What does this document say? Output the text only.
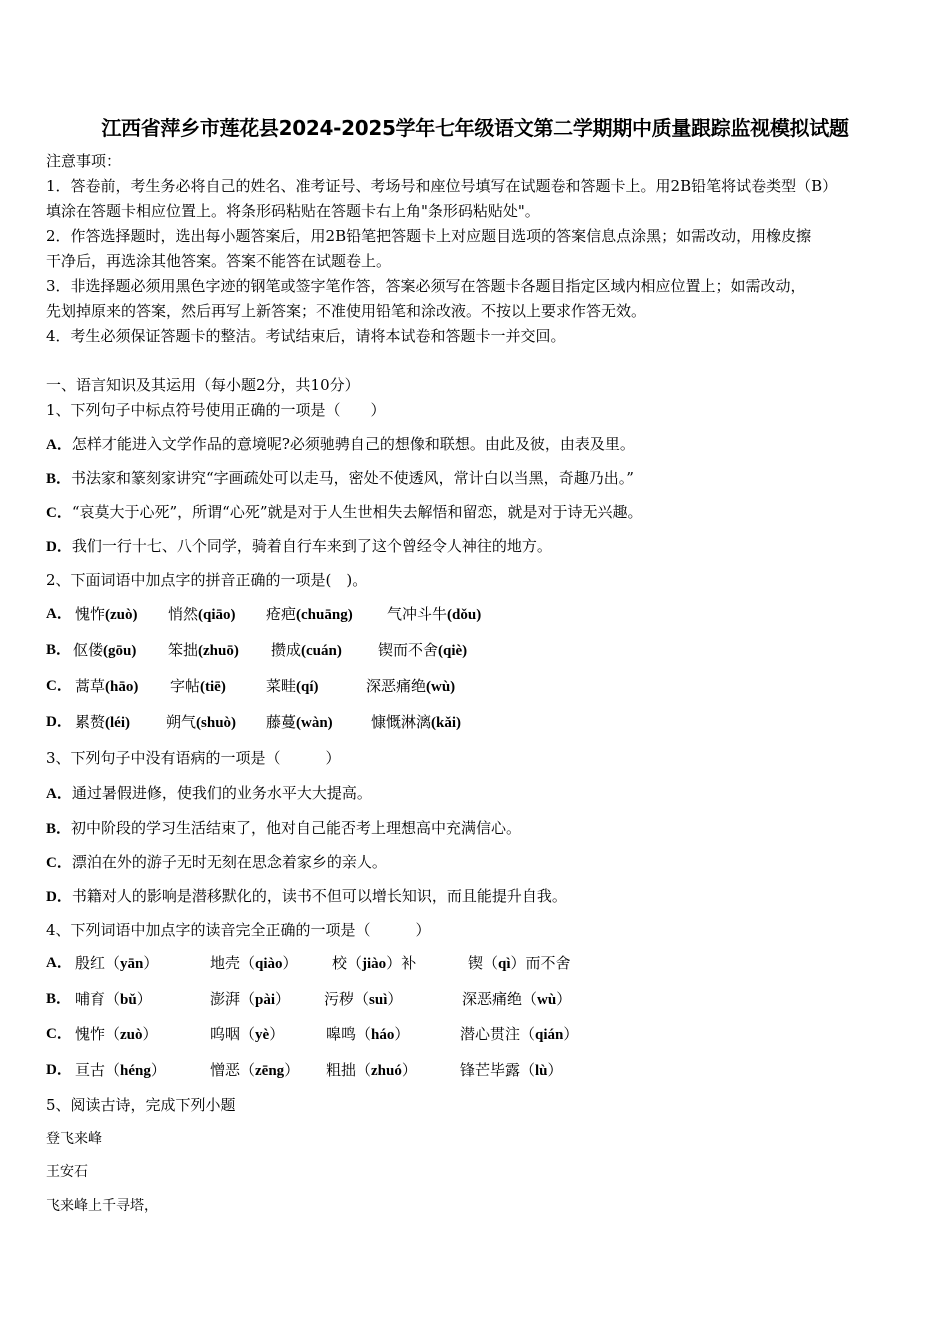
江西省萍乡市莲花县2024-2025学年七年级语文第二学期期中质量跟踪监视模拟试题
注意事项：
1．答卷前，考生务必将自己的姓名、准考证号、考场号和座位号填写在试题卷和答题卡上。用2B铅笔将试卷类型（B）
填涂在答题卡相应位置上。将条形码粘贴在答题卡右上角"条形码粘贴处"。
2．作答选择题时，选出每小题答案后，用2B铅笔把答题卡上对应题目选项的答案信息点涂黑；如需改动，用橡皮擦
干净后，再选涂其他答案。答案不能答在试题卷上。
3．非选择题必须用黑色字迹的钢笔或签字笔作答，答案必须写在答题卡各题目指定区域内相应位置上；如需改动，
先划掉原来的答案，然后再写上新答案；不准使用铅笔和涂改液。不按以上要求作答无效。
4．考生必须保证答题卡的整洁。考试结束后，请将本试卷和答题卡一并交回。
一、语言知识及其运用（每小题2分，共10分）
1、下列句子中标点符号使用正确的一项是（　　）
A．怎样才能进入文学作品的意境呢?必须驰骋自己的想像和联想。由此及彼，由表及里。
B．书法家和篆刻家讲究“字画疏处可以走马，密处不使透风，常计白以当黑，奇趣乃出。”
C．“哀莫大于心死”，所谓“心死”就是对于人生世相失去解悟和留恋，就是对于诗无兴趣。
D．我们一行十七、八个同学，骑着自行车来到了这个曾经令人神往的地方。
2、下面词语中加点字的拼音正确的一项是(　)。
A． 愧怍(zuò) 悄然(qiāo) 疮疤(chuāng) 气冲斗牛(dǒu)
B． 伛偻(gōu) 笨拙(zhuō) 攒成(cuán) 锲而不舍(qiè)
C． 蒿草(hāo) 字帖(tiē)	菜畦(qí)	深恶痛绝(wù)
D． 累赘(léi) 朔气(shuò) 藤蔓(wàn)	慷慨淋漓(kǎi)
3、下列句子中没有语病的一项是（　　　）
A．通过暑假进修，使我们的业务水平大大提高。
B．初中阶段的学习生活结束了，他对自己能否考上理想高中充满信心。
C．漂泊在外的游子无时无刻在思念着家乡的亲人。
D．书籍对人的影响是潜移默化的，读书不但可以增长知识，而且能提升自我。
4、下列词语中加点字的读音完全正确的一项是（　　　）
A． 殷红（yān）	地壳（qiào） 校（jiào）补	锲（qì）而不舍
B． 哺育（bǔ）	澎湃（pài） 污秽（suì）	深恶痛绝（wù）
C． 愧怍（zuò）	呜咽（yè）	嗥鸣（háo）	潜心贯注（qián）
D． 亘古（héng）	憎恶（zēng） 粗拙（zhuó）	锋芒毕露（lù）
5、阅读古诗，完成下列小题
登飞来峰
王安石
飞来峰上千寻塔，
